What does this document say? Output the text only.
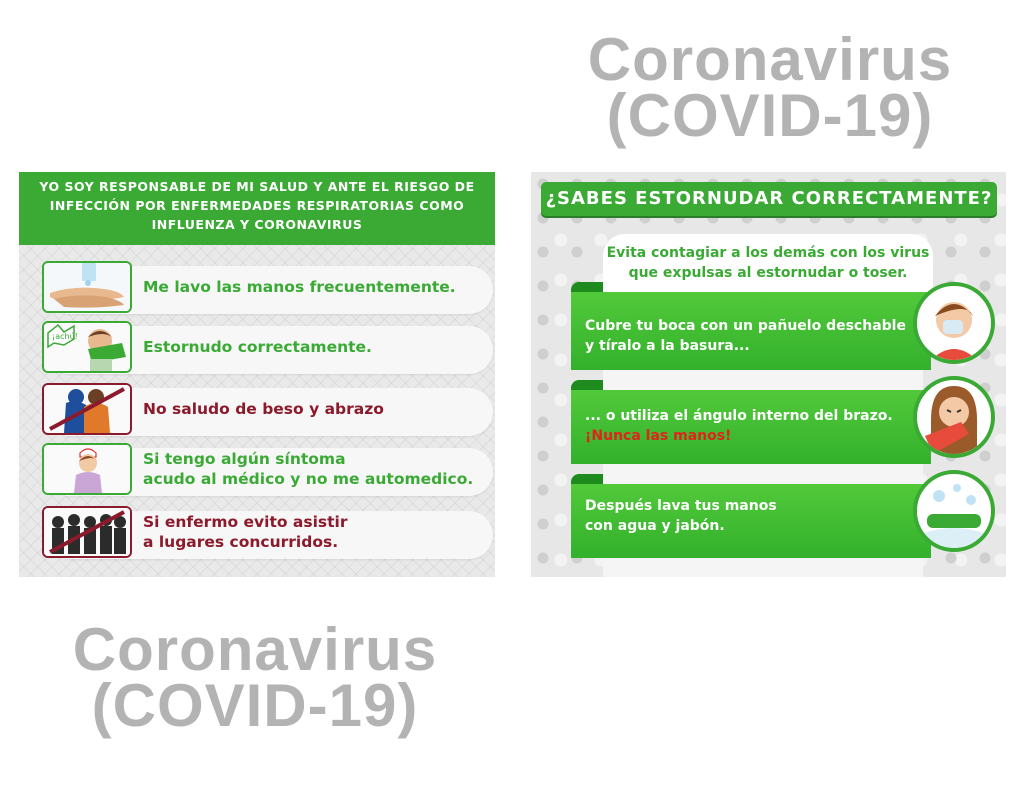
Coronavirus
(COVID-19)
Coronavirus
(COVID-19)
YO SOY RESPONSABLE DE MI SALUD Y ANTE EL RIESGO DE
INFECCIÓN POR ENFERMEDADES RESPIRATORIAS COMO
INFLUENZA Y CORONAVIRUS
Me lavo las manos frecuentemente.
¡achú!
Estornudo correctamente.
No saludo de beso y abrazo
Si tengo algún síntoma
acudo al médico y no me automedico.
Si enfermo evito asistir
a lugares concurridos.
¿SABES ESTORNUDAR CORRECTAMENTE?
Evita contagiar a los demás con los virus
que expulsas al estornudar o toser.
Cubre tu boca con un pañuelo deschable
y tíralo a la basura...
... o utiliza el ángulo interno del brazo.
¡Nunca las manos!
Después lava tus manos
con agua y jabón.
